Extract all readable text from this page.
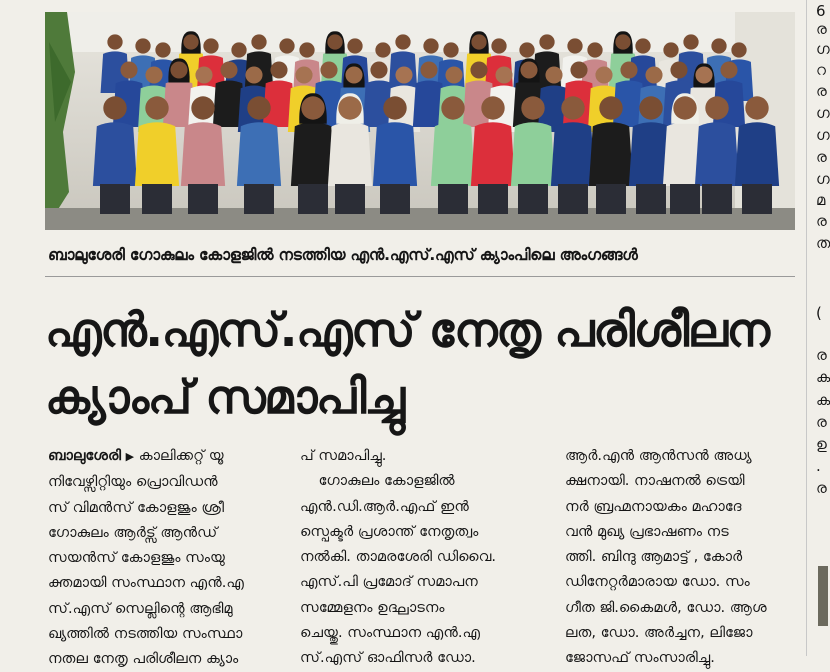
ബാലുശേരി ഗോകുലം കോളജിൽ നടത്തിയ എൻ.എസ്.എസ് ക്യാംപിലെ അംഗങ്ങൾ
എൻ.എസ്.എസ് നേതൃ പരിശീലന
ക്യാംപ് സമാപിച്ചു
ബാലുശേരി ▶ കാലിക്കറ്റ് യൂ
നിവേഴ്സിറ്റിയും പ്രൊവിഡൻ
സ് വിമൻസ് കോളജും ശ്രീ
ഗോകുലം ആർട്സ് ആൻഡ്
സയൻസ് കോളജും സംയു
ക്തമായി സംസ്ഥാന എൻ.എ
സ്.എസ് സെല്ലിന്റെ ആഭിമു
ഖ്യത്തിൽ നടത്തിയ സംസ്ഥാ
നതല നേതൃ പരിശീലന ക്യാം
പ് സമാപിച്ചു.
ഗോകുലം കോളജിൽ
എൻ.ഡി.ആർ.എഫ് ഇൻ
സ്പെക്ടർ പ്രശാന്ത് നേതൃത്വം
നൽകി. താമരശേരി ഡിവൈ.
എസ്.പി പ്രമോദ് സമാപന
സമ്മേളനം ഉദ്ഘാടനം
ചെയ്തു. സംസ്ഥാന എൻ.എ
സ്.എസ് ഓഫിസർ ഡോ.
ആർ.എൻ ആൻസൻ അധ്യ
ക്ഷനായി. നാഷനൽ ട്രെയി
നർ ബ്രഹ്മനായകം മഹാദേ
വൻ മുഖ്യ പ്രഭാഷണം നട
ത്തി. ബിന്ദു ആമാട്ട് , കോർ
ഡിനേറ്റർമാരായ ഡോ. സം
ഗീത ജി.കൈമൾ, ഡോ. ആശ
ലത, ഡോ. അർച്ചന, ലിജോ
ജോസഫ് സംസാരിച്ചു.
6
ര
ഗ
റ
ര
ഗ
ഗ
ര
ഗ
മ
ര
ത
(
ര
ക
ക
ര
ഉ
.
ര
